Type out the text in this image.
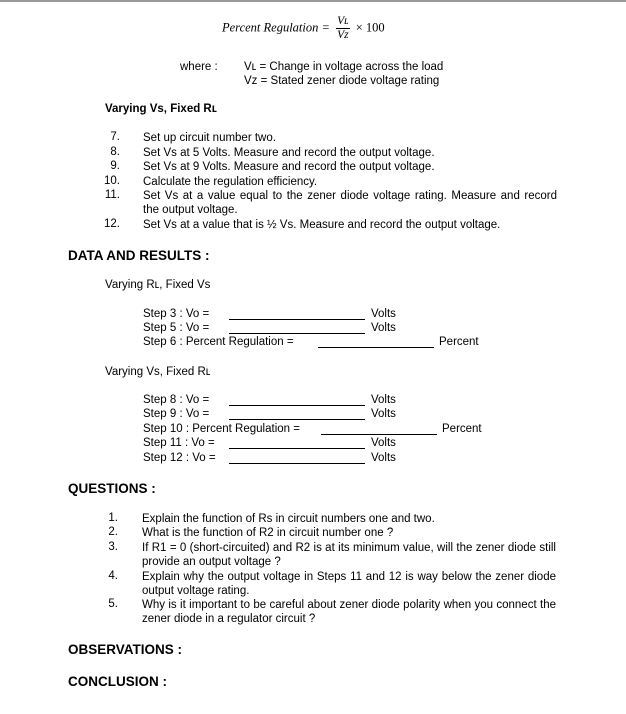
Percent Regulation = $\frac{\text{Vʟ}}{Vz} \times 100$
where : Vʟ = Change in voltage across the load
Vz = Stated zener diode voltage rating
Varying Vs, Fixed Rʟ
7. Set up circuit number two.
8. Set Vs at 5 Volts. Measure and record the output voltage.
9. Set Vs at 9 Volts. Measure and record the output voltage.
10. Calculate the regulation efficiency.
11. Set Vs at a value equal to the zener diode voltage rating. Measure and record the output voltage.
12. Set Vs at a value that is ½ Vs. Measure and record the output voltage.
DATA AND RESULTS :
Varying Rʟ, Fixed Vs
Step 3 : Vo =	Volts
Step 5 : Vo =	Volts
Step 6 : Percent Regulation =	Percent
Varying Vs, Fixed Rʟ
Step 8 : Vo =	Volts
Step 9 : Vo =	Volts
Step 10 : Percent Regulation =	Percent
Step 11 : Vo =	Volts
Step 12 : Vo =	Volts
QUESTIONS :
1. Explain the function of Rs in circuit numbers one and two.
2. What is the function of R2 in circuit number one ?
3. If R1 = 0 (short-circuited) and R2 is at its minimum value, will the zener diode still provide an output voltage ?
4. Explain why the output voltage in Steps 11 and 12 is way below the zener diode output voltage rating.
5. Why is it important to be careful about zener diode polarity when you connect the zener diode in a regulator circuit ?
OBSERVATIONS :
CONCLUSION :
